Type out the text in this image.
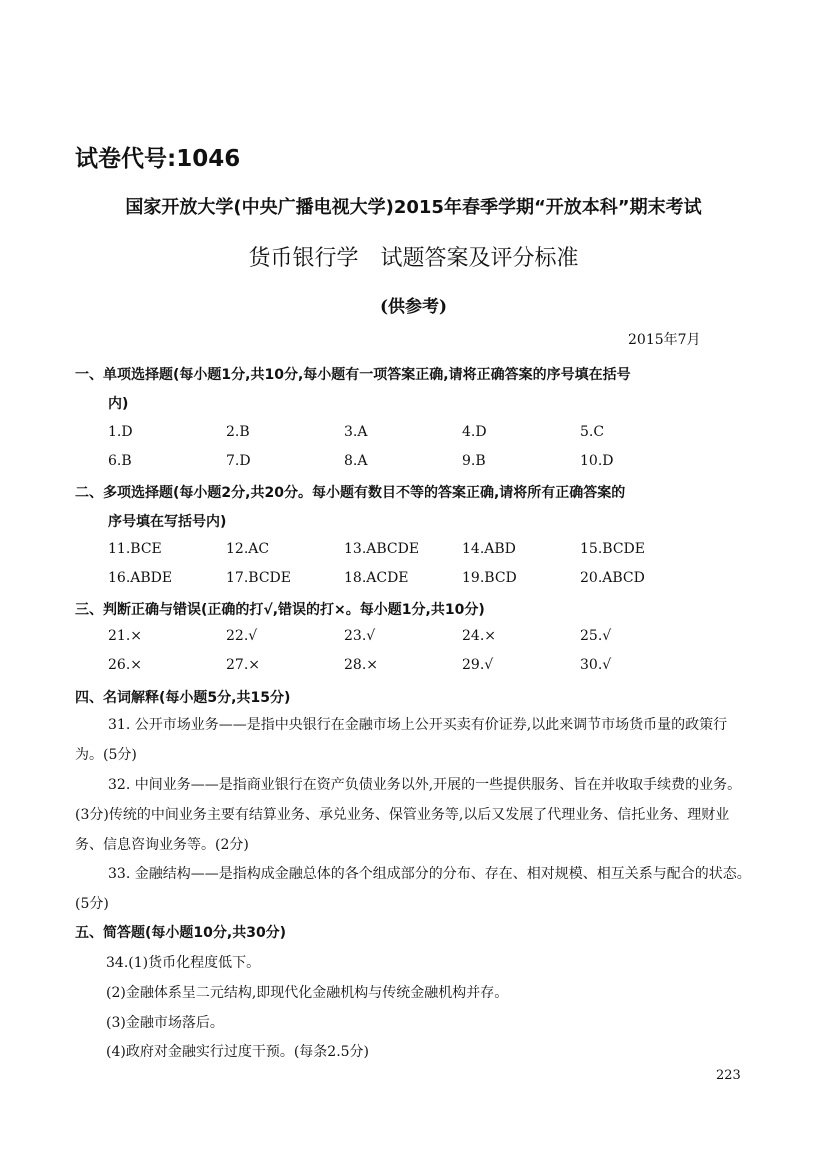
试卷代号:1046
国家开放大学(中央广播电视大学)2015年春季学期“开放本科”期末考试
货币银行学　试题答案及评分标准
(供参考)
2015年7月
一、单项选择题(每小题1分,共10分,每小题有一项答案正确,请将正确答案的序号填在括号
内)
1.D	2.B	3.A	4.D	5.C
6.B	7.D	8.A	9.B	10.D
二、多项选择题(每小题2分,共20分。每小题有数目不等的答案正确,请将所有正确答案的
序号填在写括号内)
11.BCE	12.AC	13.ABCDE	14.ABD	15.BCDE
16.ABDE	17.BCDE	18.ACDE	19.BCD	20.ABCD
三、判断正确与错误(正确的打√,错误的打×。每小题1分,共10分)
21.×	22.√	23.√	24.×	25.√
26.×	27.×	28.×	29.√	30.√
四、名词解释(每小题5分,共15分)
31. 公开市场业务——是指中央银行在金融市场上公开买卖有价证券,以此来调节市场货币量的政策行为。(5分)
32. 中间业务——是指商业银行在资产负债业务以外,开展的一些提供服务、旨在并收取手续费的业务。(3分)传统的中间业务主要有结算业务、承兑业务、保管业务等,以后又发展了代理业务、信托业务、理财业务、信息咨询业务等。(2分)
33. 金融结构——是指构成金融总体的各个组成部分的分布、存在、相对规模、相互关系与配合的状态。(5分)
五、简答题(每小题10分,共30分)
34.(1)货币化程度低下。
(2)金融体系呈二元结构,即现代化金融机构与传统金融机构并存。
(3)金融市场落后。
(4)政府对金融实行过度干预。(每条2.5分)
223
